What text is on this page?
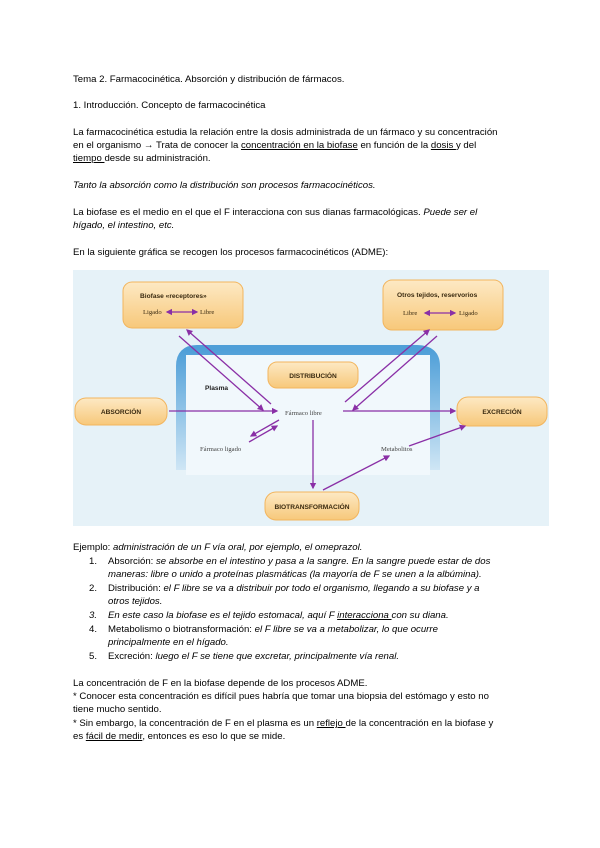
Tema 2. Farmacocinética. Absorción y distribución de fármacos.
1. Introducción. Concepto de farmacocinética
La farmacocinética estudia la relación entre la dosis administrada de un fármaco y su concentración
en el organismo → Trata de conocer la concentración en la biofase en función de la dosis y del
tiempo desde su administración.
Tanto la absorción como la distribución son procesos farmacocinéticos.
La biofase es el medio en el que el F interacciona con sus dianas farmacológicas. Puede ser el
hígado, el intestino, etc.
En la siguiente gráfica se recogen los procesos farmacocinéticos (ADME):
Plasma
Biofase «receptores»
Ligado	Libre
Otros tejidos, reservorios
Libre	Ligado
DISTRIBUCIÓN
ABSORCIÓN	EXCRECIÓN
BIOTRANSFORMACIÓN
Fármaco libre
Fármaco ligado	Metabolitos
Ejemplo: administración de un F vía oral, por ejemplo, el omeprazol.
1. Absorción: se absorbe en el intestino y pasa a la sangre. En la sangre puede estar de dos
maneras: libre o unido a proteínas plasmáticas (la mayoría de F se unen a la albúmina).
2. Distribución: el F libre se va a distribuir por todo el organismo, llegando a su biofase y a
otros tejidos.
3. En este caso la biofase es el tejido estomacal, aquí F interacciona con su diana.
4. Metabolismo o biotransformación: el F libre se va a metabolizar, lo que ocurre
principalmente en el hígado.
5. Excreción: luego el F se tiene que excretar, principalmente vía renal.
La concentración de F en la biofase depende de los procesos ADME.
* Conocer esta concentración es difícil pues habría que tomar una biopsia del estómago y esto no
tiene mucho sentido.
* Sin embargo, la concentración de F en el plasma es un reflejo de la concentración en la biofase y
es fácil de medir, entonces es eso lo que se mide.
